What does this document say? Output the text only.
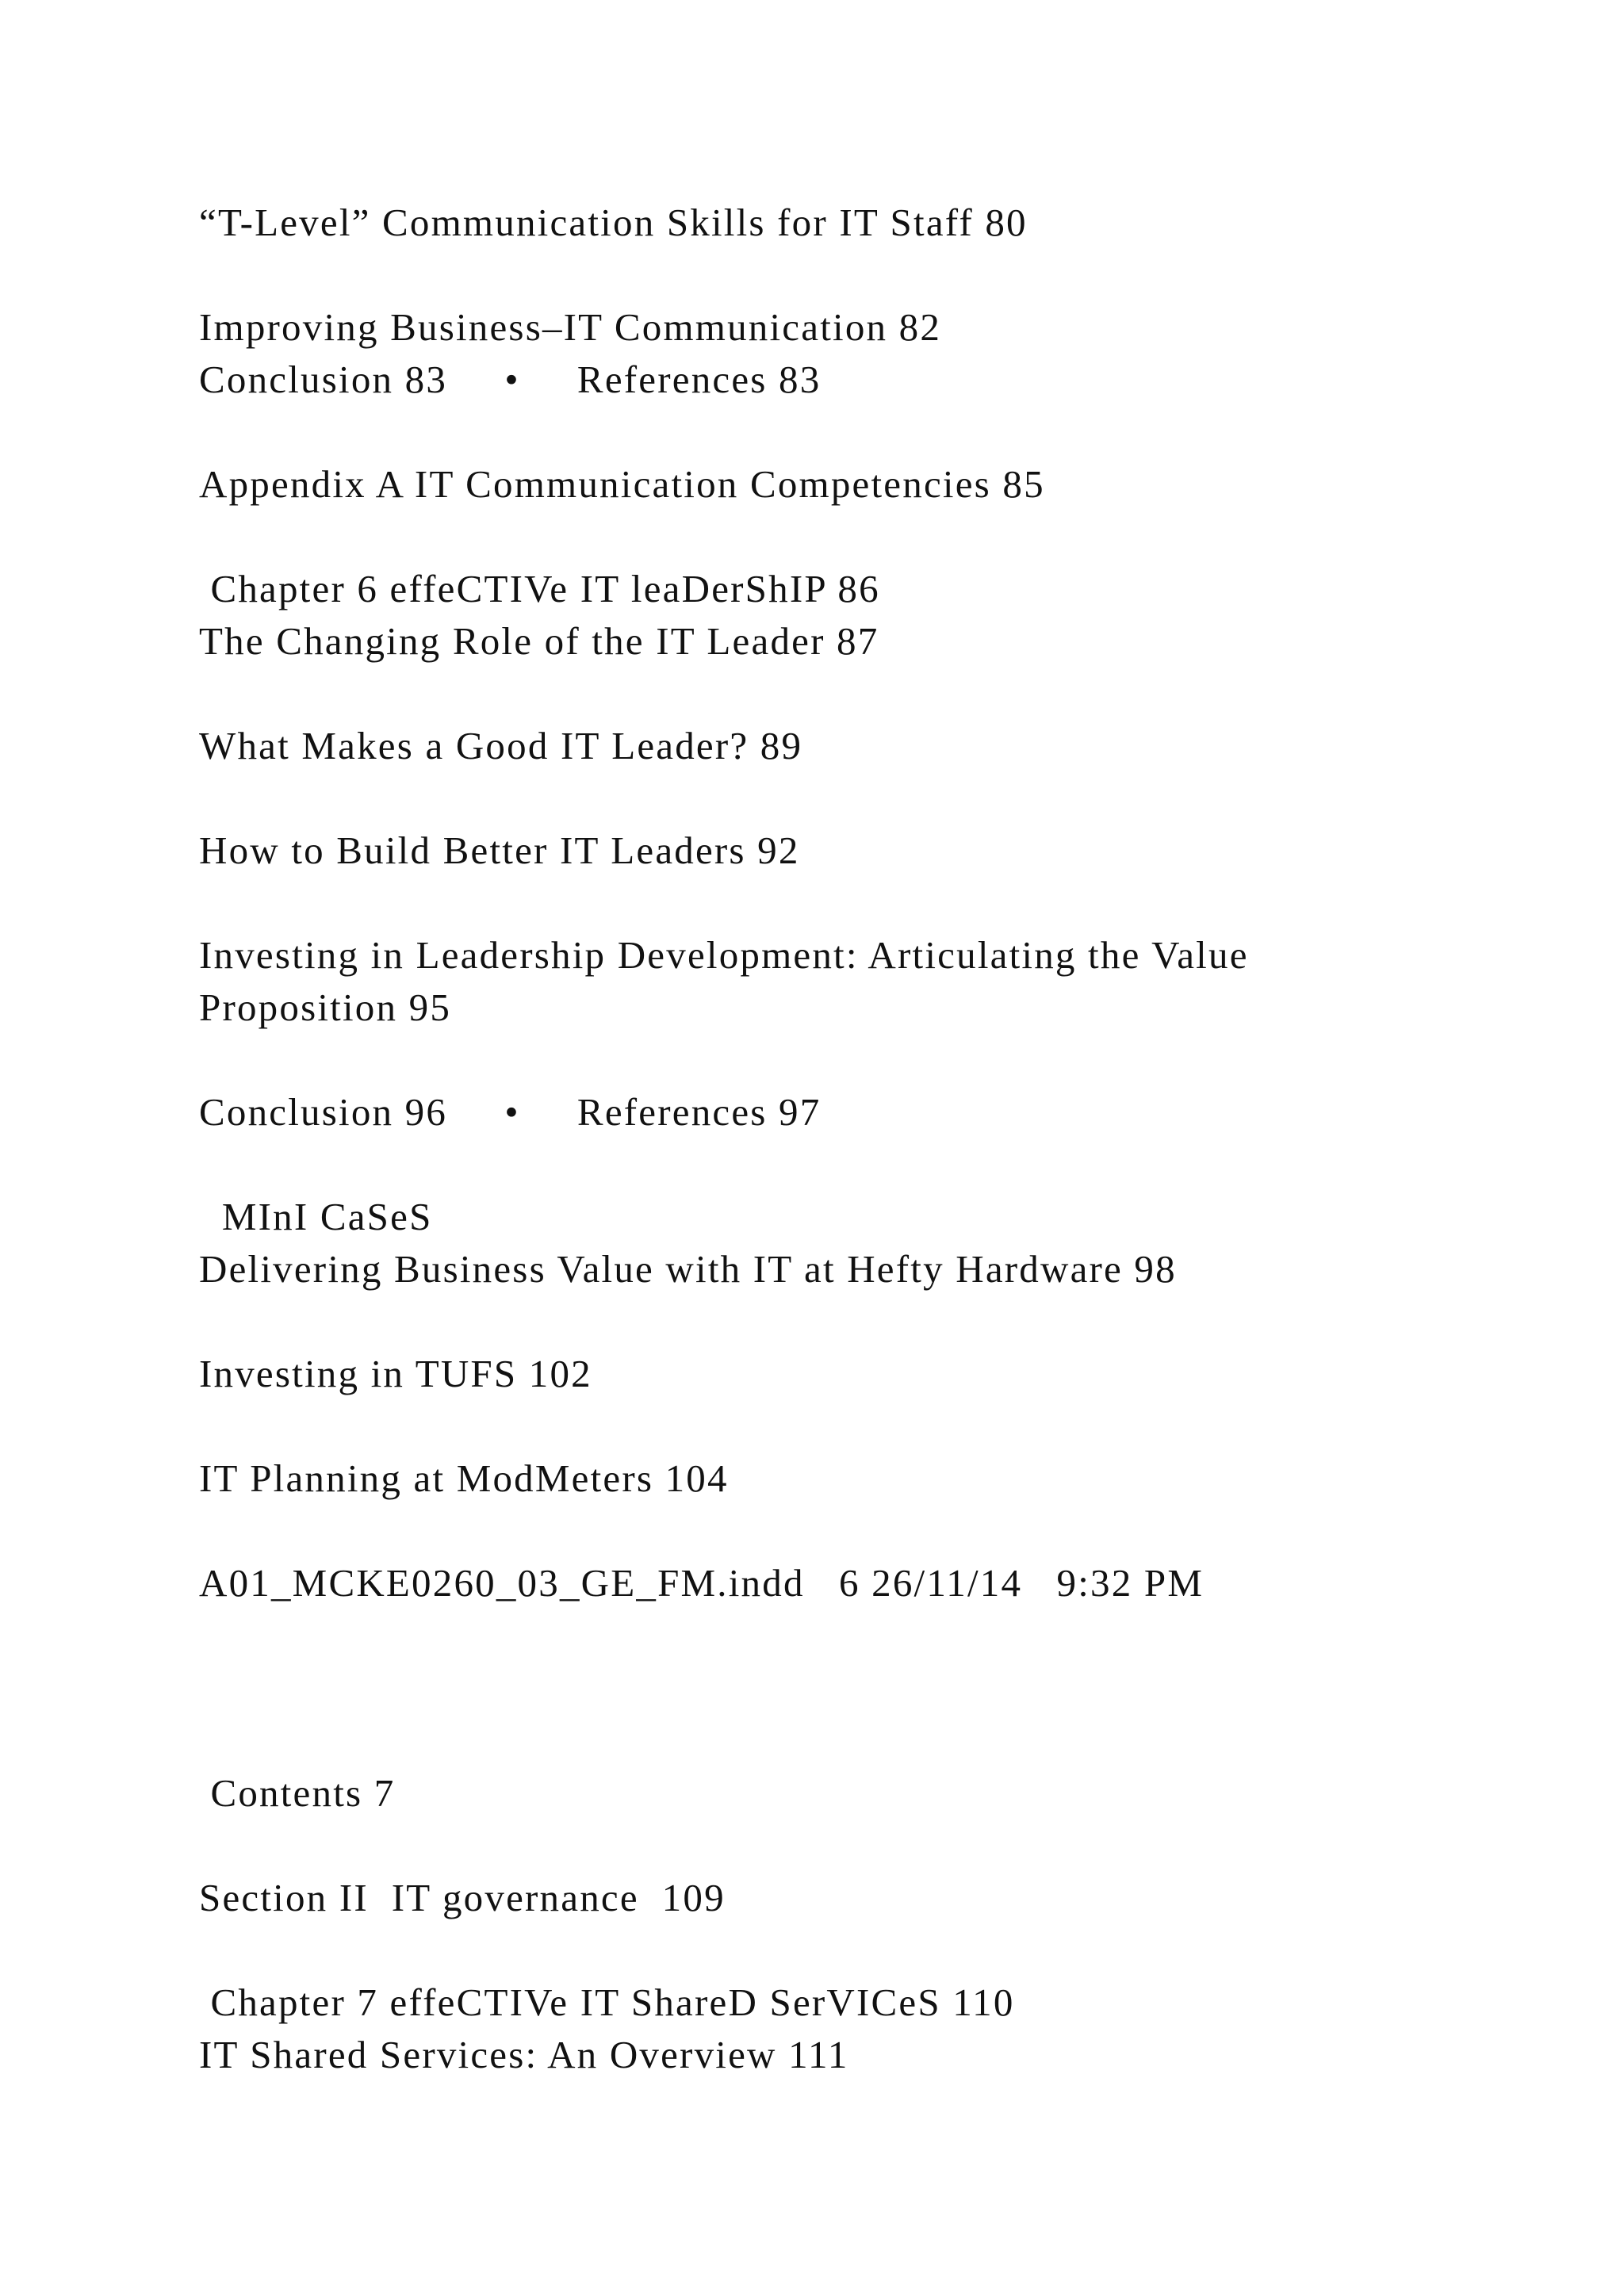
“T-Level” Communication Skills for IT Staff 80
Improving Business–IT Communication 82
Conclusion 83     •     References 83
Appendix A IT Communication Competencies 85
Chapter 6 effeCTIVe IT leaDerShIP 86
The Changing Role of the IT Leader 87
What Makes a Good IT Leader? 89
How to Build Better IT Leaders 92
Investing in Leadership Development: Articulating the Value
Proposition 95
Conclusion 96     •     References 97
MInI CaSeS
Delivering Business Value with IT at Hefty Hardware 98
Investing in TUFS 102
IT Planning at ModMeters 104
A01_MCKE0260_03_GE_FM.indd   6 26/11/14   9:32 PM
Contents 7
Section II  IT governance  109
Chapter 7 effeCTIVe IT ShareD SerVICeS 110
IT Shared Services: An Overview 111
